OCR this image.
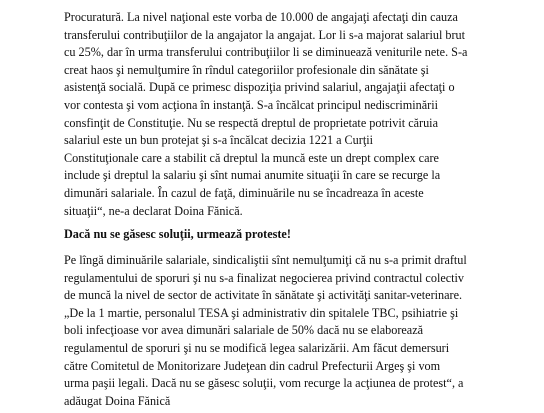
Procuratură. La nivel naţional este vorba de 10.000 de angajaţi afectaţi din cauza
transferului contribuţiilor de la angajator la angajat. Lor li s-a majorat salariul brut
cu 25%, dar în urma transferului contribuţiilor li se diminuează veniturile nete. S-a
creat haos şi nemulţumire în rîndul categoriilor profesionale din sănătate şi
asistenţă socială. După ce primesc dispoziţia privind salariul, angajaţii afectaţi o
vor contesta şi vom acţiona în instanţă. S-a încălcat principul nediscriminării
consfinţit de Constituţie. Nu se respectă dreptul de proprietate potrivit căruia
salariul este un bun protejat şi s-a încălcat decizia 1221 a Curţii
Constituţionale care a stabilit că dreptul la muncă este un drept complex care
include şi dreptul la salariu şi sînt numai anumite situaţii în care se recurge la
dimunări salariale. În cazul de faţă, diminuările nu se încadreaza în aceste
situaţii“, ne-a declarat Doina Fănică.

Dacă nu se găsesc soluţii, urmează proteste!

Pe lîngă diminuările salariale, sindicaliştii sînt nemulţumiţi că nu s-a primit draftul
regulamentului de sporuri şi nu s-a finalizat negocierea privind contractul colectiv
de muncă la nivel de sector de activitate în sănătate şi activităţi sanitar-veterinare.
„De la 1 martie, personalul TESA şi administrativ din spitalele TBC, psihiatrie şi
boli infecţioase vor avea dimunări salariale de 50% dacă nu se elaborează
regulamentul de sporuri şi nu se modifică legea salarizării. Am făcut demersuri
către Comitetul de Monitorizare Judeţean din cadrul Prefecturii Argeş şi vom
urma paşii legali. Dacă nu se găsesc soluţii, vom recurge la acţiunea de protest“, a
adăugat Doina Fănică
